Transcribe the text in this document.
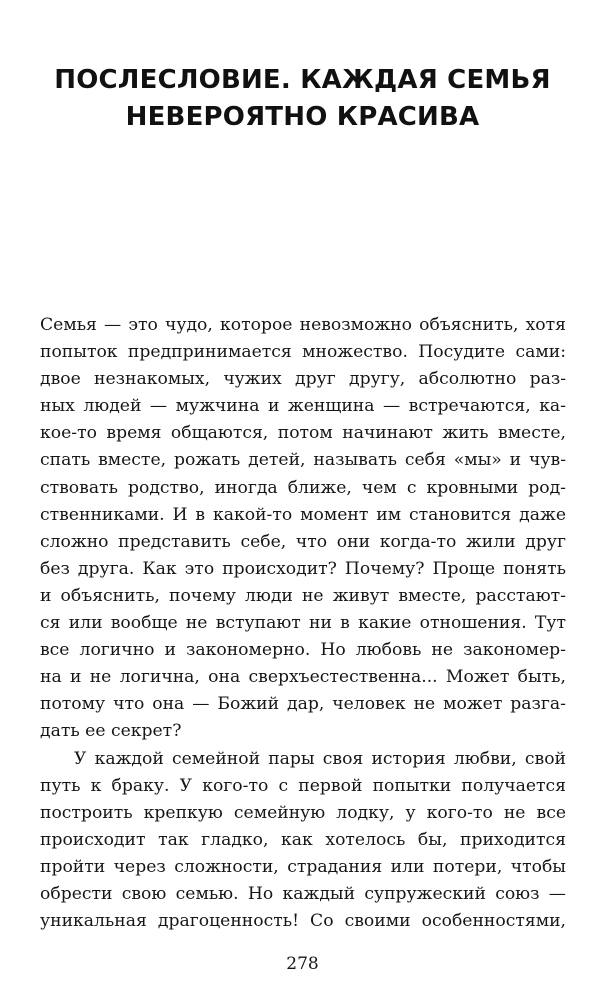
ПОСЛЕСЛОВИЕ. КАЖДАЯ СЕМЬЯ
НЕВЕРОЯТНО КРАСИВА
Семья — это чудо, которое невозможно объяснить, хотя
попыток предпринимается множество. Посудите сами:
двое незнакомых, чужих друг другу, абсолютно раз-
ных людей — мужчина и женщина — встречаются, ка-
кое-то время общаются, потом начинают жить вместе,
спать вместе, рожать детей, называть себя «мы» и чув-
ствовать родство, иногда ближе, чем с кровными род-
ственниками. И в какой-то момент им становится даже
сложно представить себе, что они когда-то жили друг
без друга. Как это происходит? Почему? Проще понять
и объяснить, почему люди не живут вместе, расстают-
ся или вообще не вступают ни в какие отношения. Тут
все логично и закономерно. Но любовь не закономер-
на и не логична, она сверхъестественна... Может быть,
потому что она — Божий дар, человек не может разга-
дать ее секрет?
У каждой семейной пары своя история любви, свой
путь к браку. У кого-то с первой попытки получается
построить крепкую семейную лодку, у кого-то не все
происходит так гладко, как хотелось бы, приходится
пройти через сложности, страдания или потери, чтобы
обрести свою семью. Но каждый супружеский союз —
уникальная драгоценность! Со своими особенностями,
278
